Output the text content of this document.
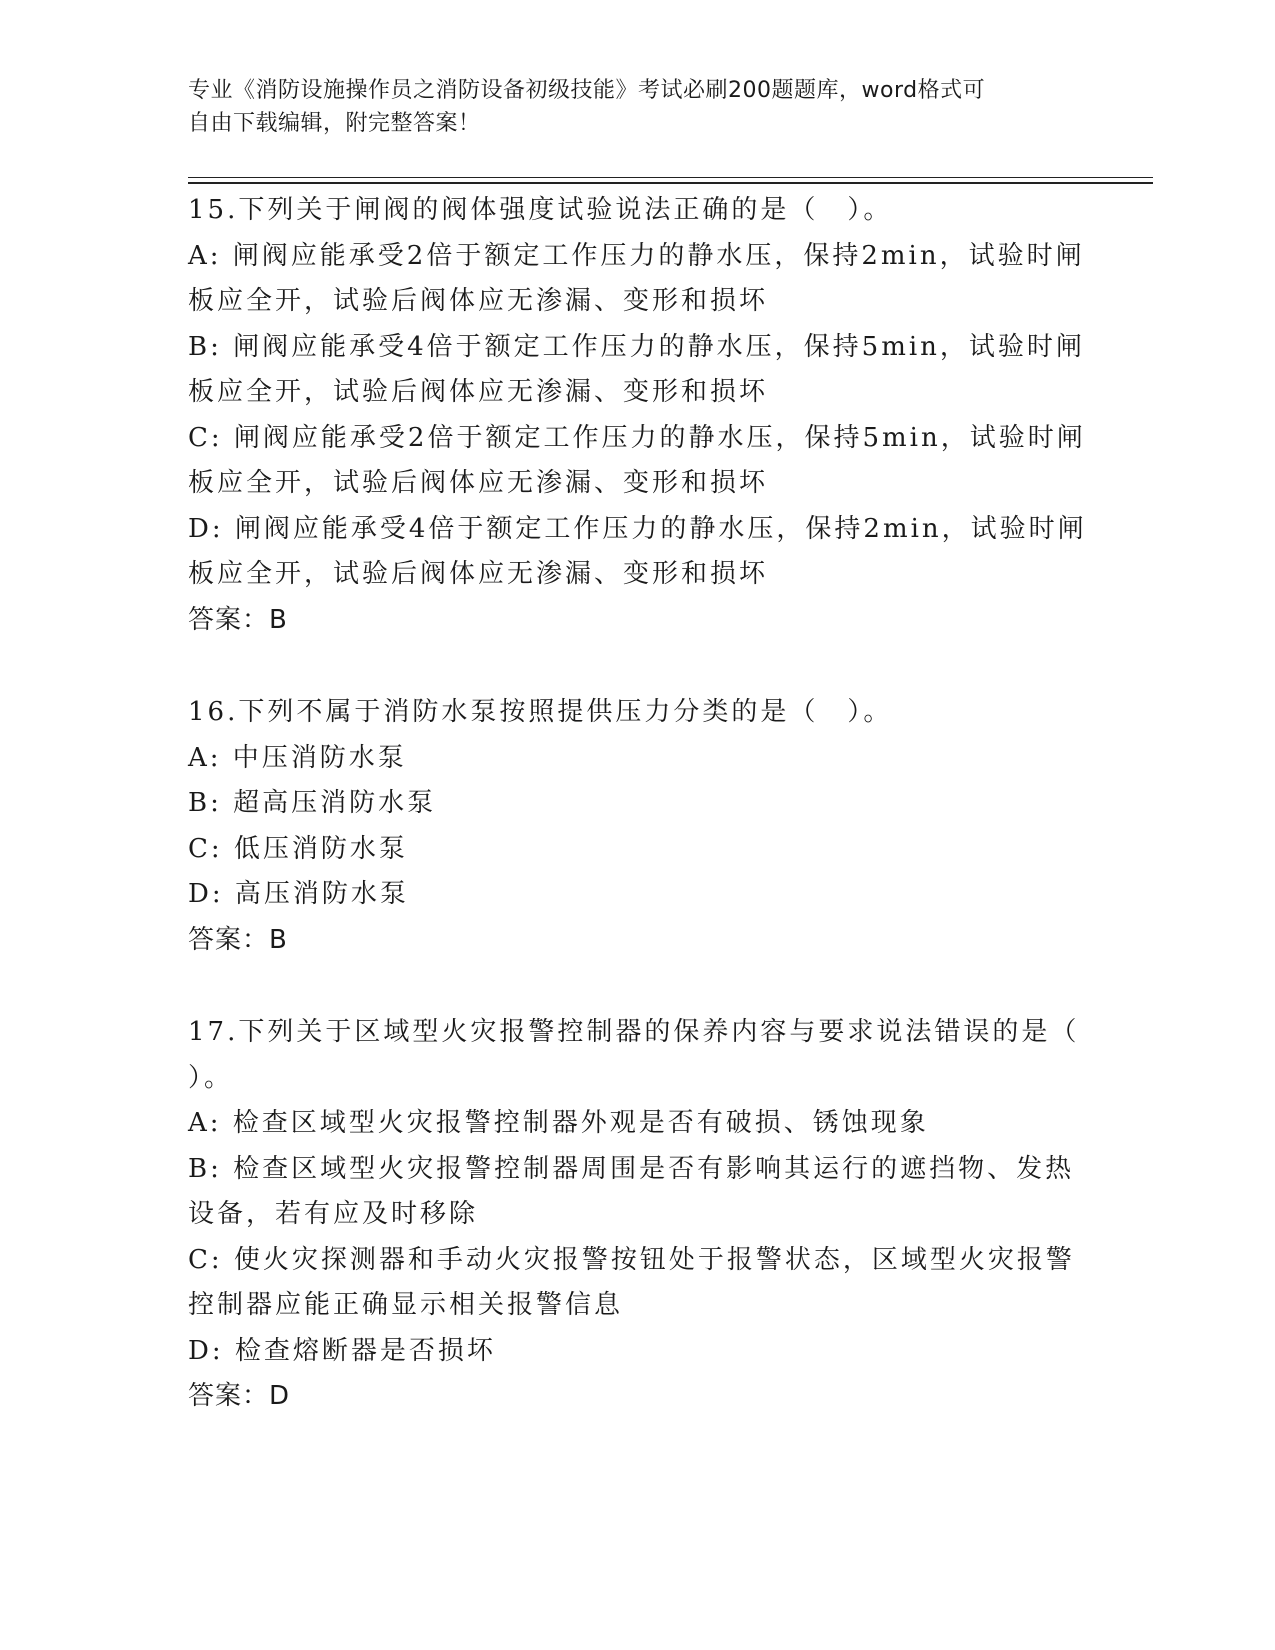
专业《消防设施操作员之消防设备初级技能》考试必刷200题题库，word格式可
自由下载编辑，附完整答案！
15.下列关于闸阀的阀体强度试验说法正确的是（　）。
A: 闸阀应能承受2倍于额定工作压力的静水压，保持2min，试验时闸
板应全开，试验后阀体应无渗漏、变形和损坏
B: 闸阀应能承受4倍于额定工作压力的静水压，保持5min，试验时闸
板应全开，试验后阀体应无渗漏、变形和损坏
C: 闸阀应能承受2倍于额定工作压力的静水压，保持5min，试验时闸
板应全开，试验后阀体应无渗漏、变形和损坏
D: 闸阀应能承受4倍于额定工作压力的静水压，保持2min，试验时闸
板应全开，试验后阀体应无渗漏、变形和损坏
答案：B
16.下列不属于消防水泵按照提供压力分类的是（　）。
A: 中压消防水泵
B: 超高压消防水泵
C: 低压消防水泵
D: 高压消防水泵
答案：B
17.下列关于区域型火灾报警控制器的保养内容与要求说法错误的是（
）。
A: 检查区域型火灾报警控制器外观是否有破损、锈蚀现象
B: 检查区域型火灾报警控制器周围是否有影响其运行的遮挡物、发热
设备，若有应及时移除
C: 使火灾探测器和手动火灾报警按钮处于报警状态，区域型火灾报警
控制器应能正确显示相关报警信息
D: 检查熔断器是否损坏
答案：D
